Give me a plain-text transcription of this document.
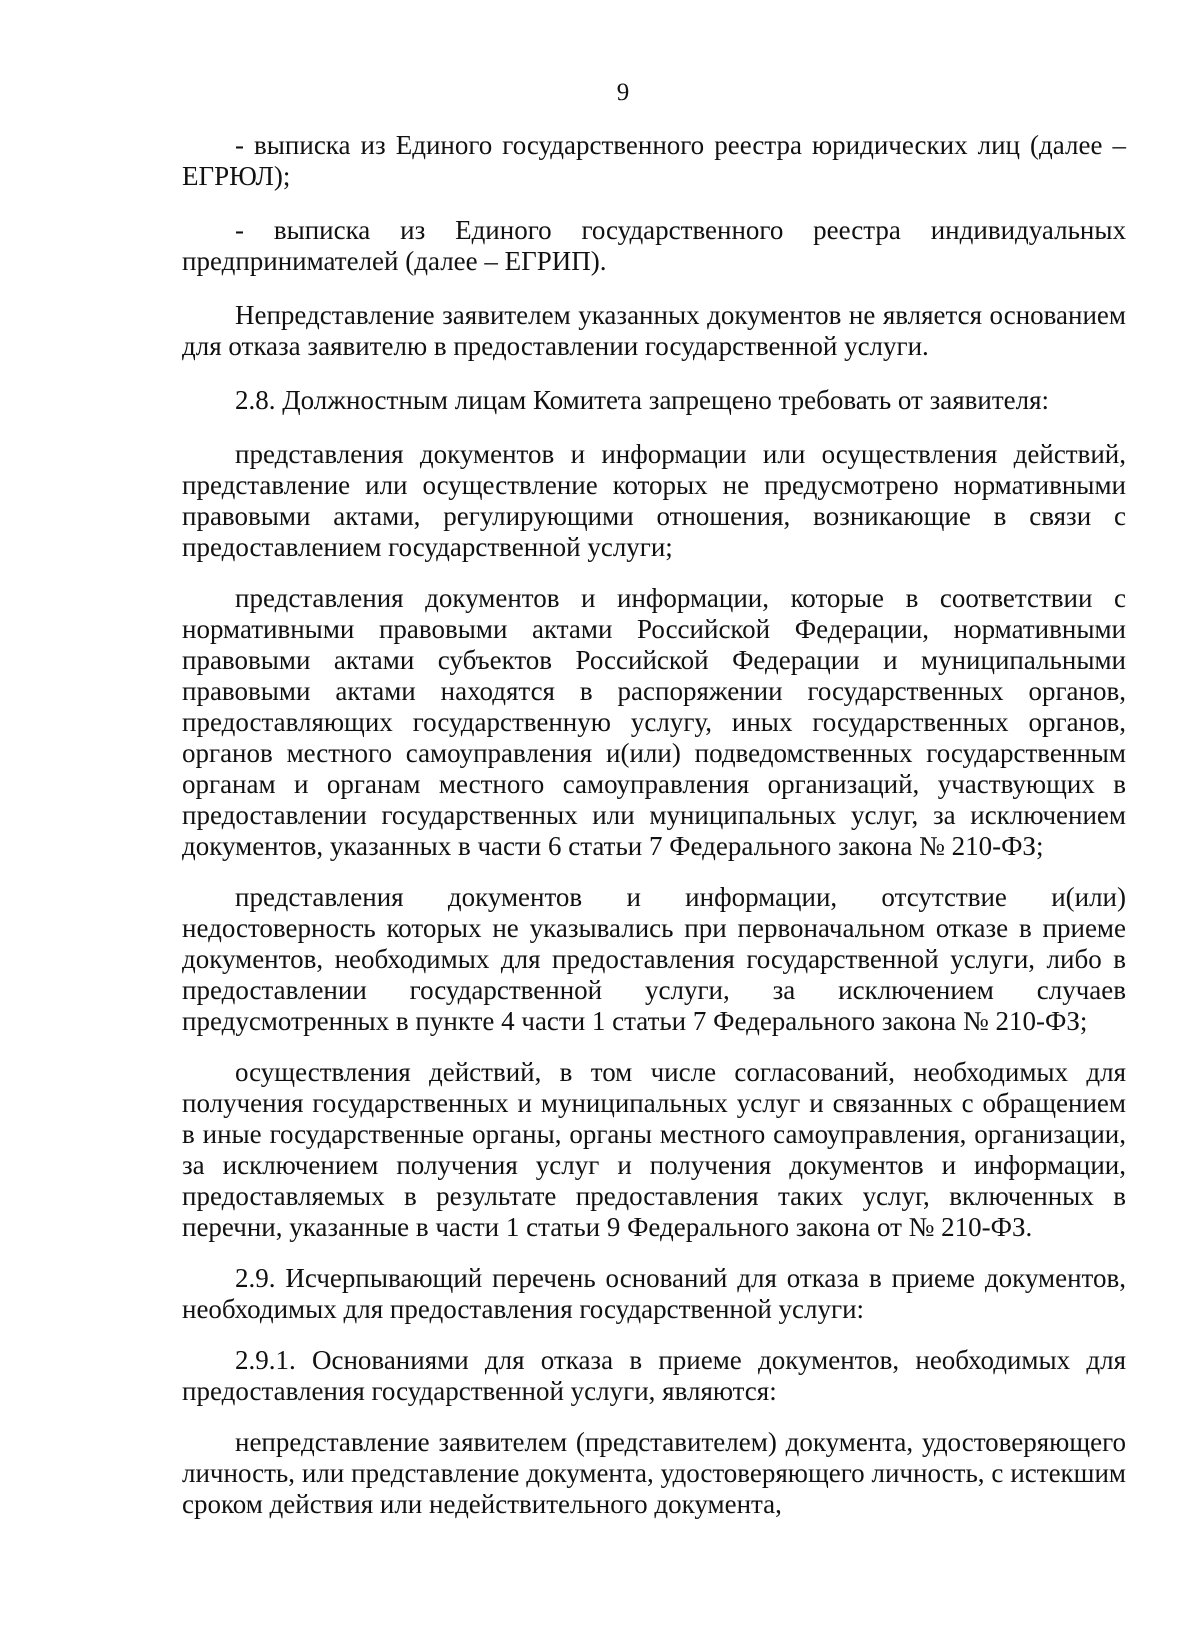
9

- выписка из Единого государственного реестра юридических лиц (далее – ЕГРЮЛ);

- выписка из Единого государственного реестра индивидуальных предпринимателей (далее – ЕГРИП).

Непредставление заявителем указанных документов не является основанием для отказа заявителю в предоставлении государственной услуги.

2.8. Должностным лицам Комитета запрещено требовать от заявителя:

представления документов и информации или осуществления действий, представление или осуществление которых не предусмотрено нормативными правовыми актами, регулирующими отношения, возникающие в связи с предоставлением государственной услуги;

представления документов и информации, которые в соответствии с нормативными правовыми актами Российской Федерации, нормативными правовыми актами субъектов Российской Федерации и муниципальными правовыми актами находятся в распоряжении государственных органов, предоставляющих государственную услугу, иных государственных органов, органов местного самоуправления и(или) подведомственных государственным органам и органам местного самоуправления организаций, участвующих в предоставлении государственных или муниципальных услуг, за исключением документов, указанных в части 6 статьи 7 Федерального закона № 210-ФЗ;

представления документов и информации, отсутствие и(или) недостоверность которых не указывались при первоначальном отказе в приеме документов, необходимых для предоставления государственной услуги, либо в предоставлении государственной услуги, за исключением случаев предусмотренных в пункте 4 части 1 статьи 7 Федерального закона № 210-ФЗ;

осуществления действий, в том числе согласований, необходимых для получения государственных и муниципальных услуг и связанных с обращением в иные государственные органы, органы местного самоуправления, организации, за исключением получения услуг и получения документов и информации, предоставляемых в результате предоставления таких услуг, включенных в перечни, указанные в части 1 статьи 9 Федерального закона от № 210-ФЗ.

2.9. Исчерпывающий перечень оснований для отказа в приеме документов, необходимых для предоставления государственной услуги:

2.9.1. Основаниями для отказа в приеме документов, необходимых для предоставления государственной услуги, являются:

непредставление заявителем (представителем) документа, удостоверяющего личность, или представление документа, удостоверяющего личность, с истекшим сроком действия или недействительного документа,
